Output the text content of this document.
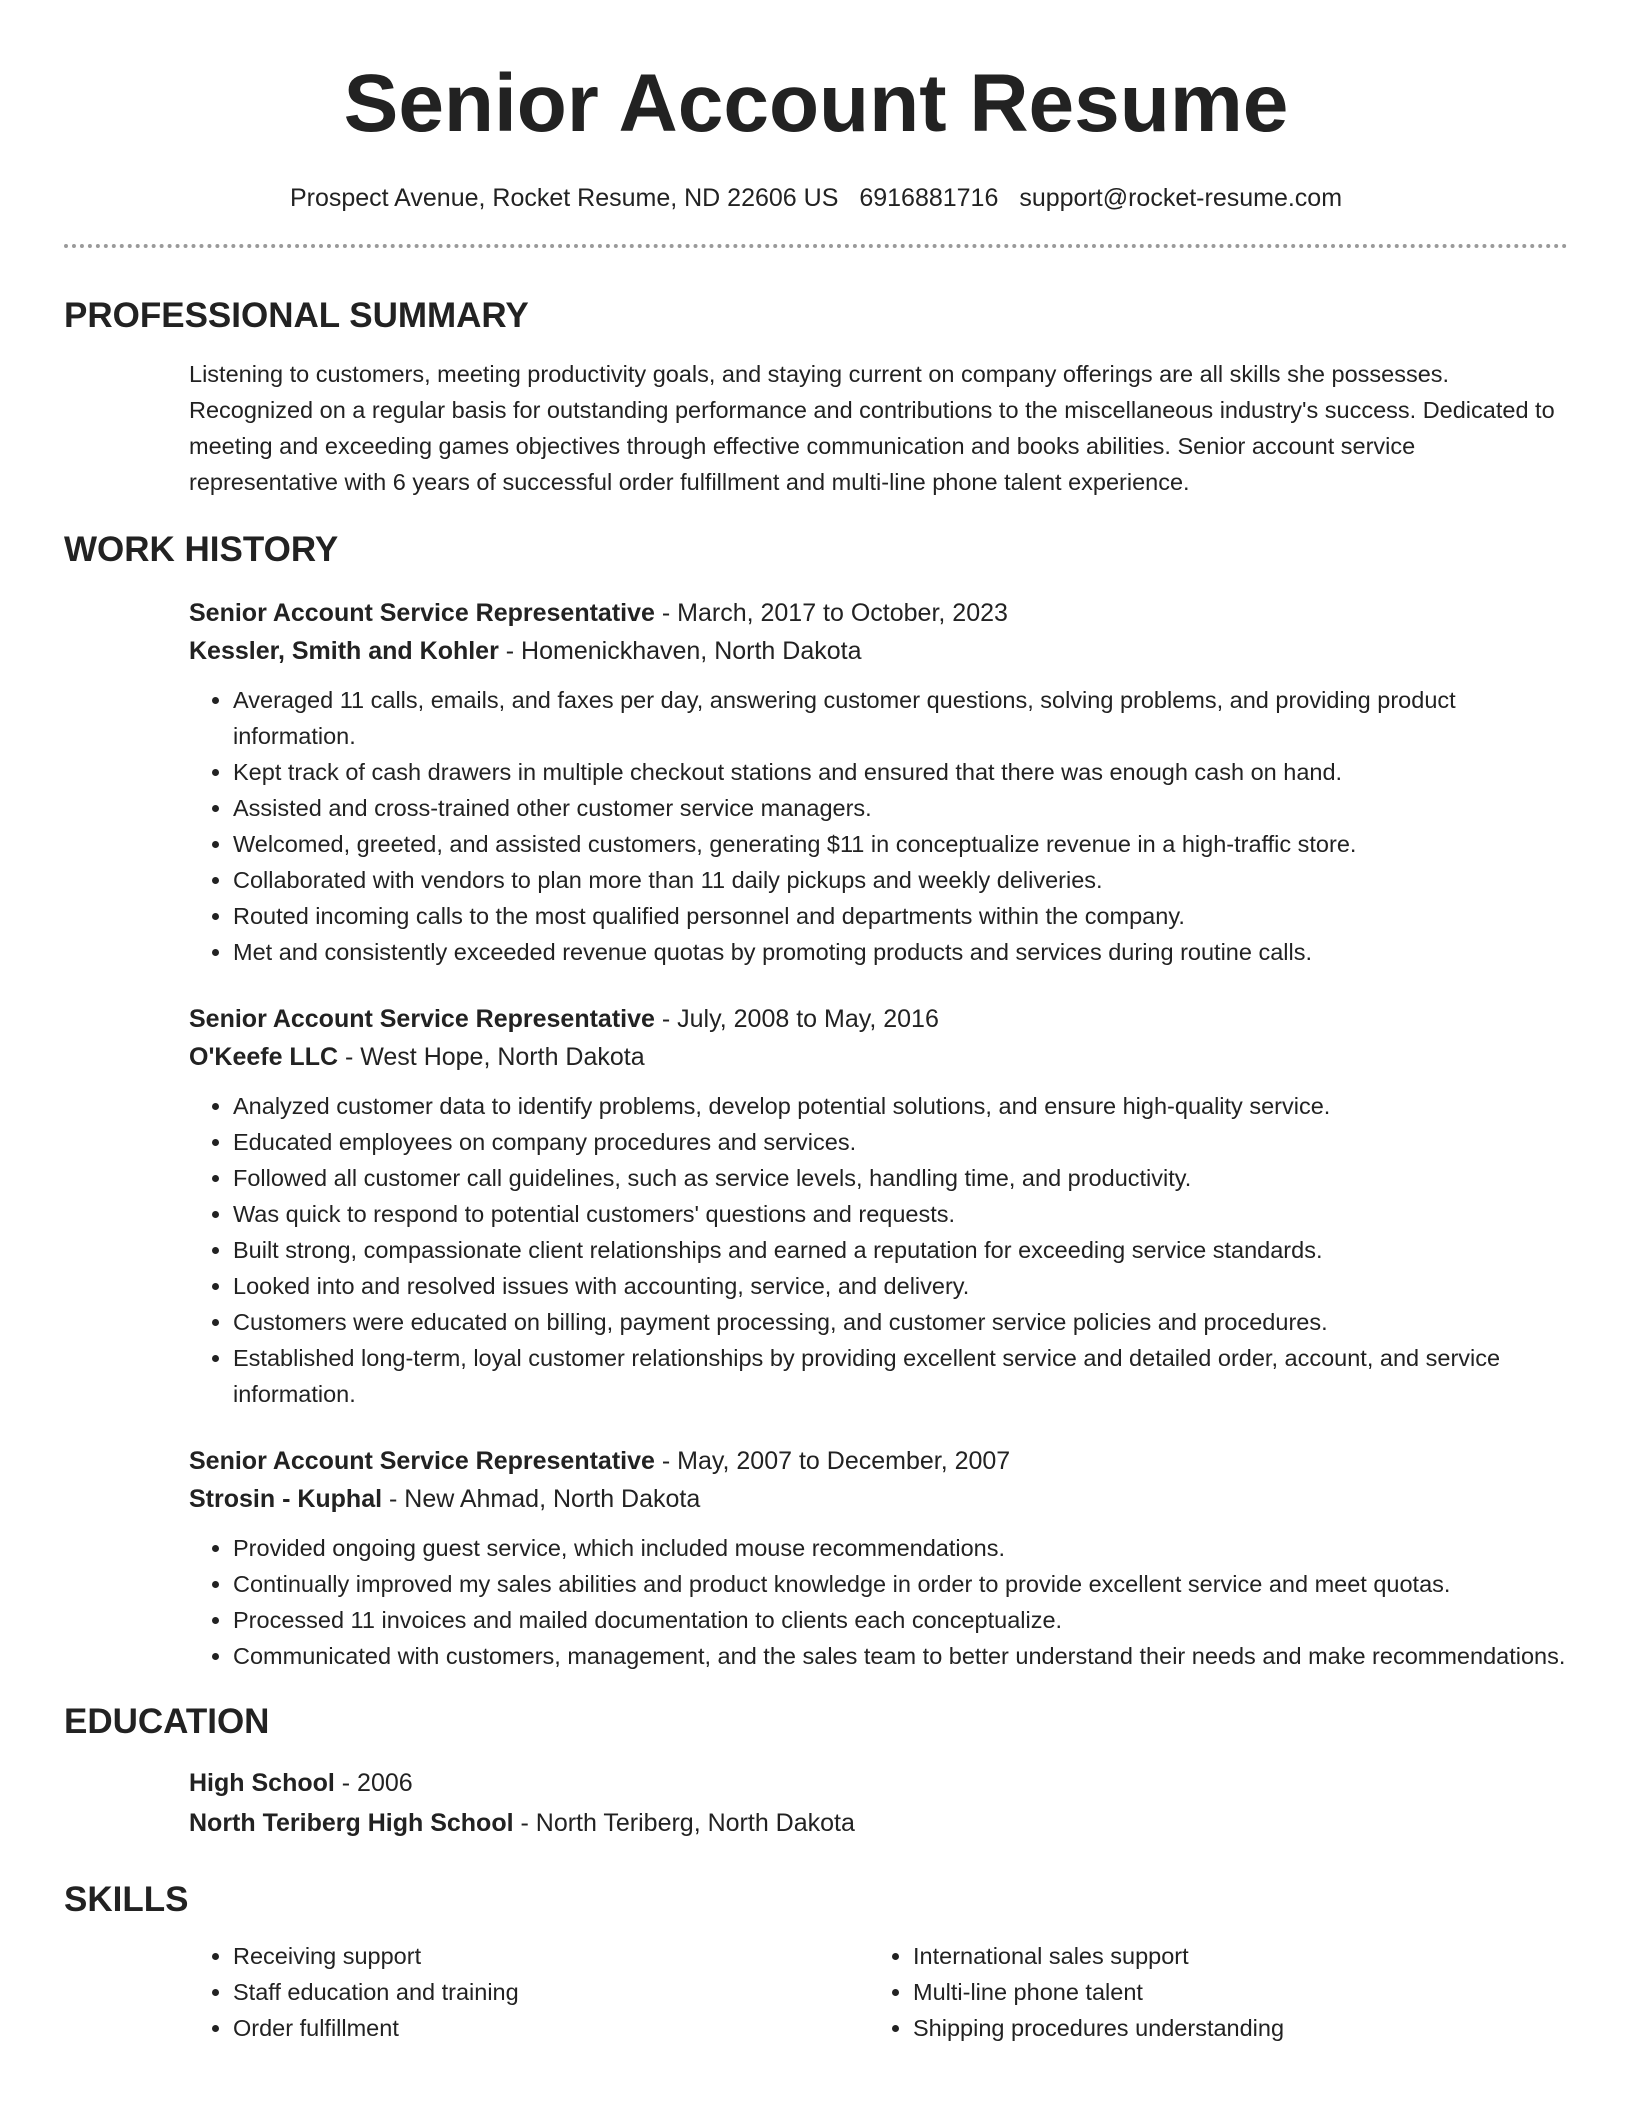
Senior Account Resume
Prospect Avenue, Rocket Resume, ND 22606 US 6916881716 support@rocket-resume.com
PROFESSIONAL SUMMARY
Listening to customers, meeting productivity goals, and staying current on company offerings are all skills she possesses. Recognized on a regular basis for outstanding performance and contributions to the miscellaneous industry's success. Dedicated to meeting and exceeding games objectives through effective communication and books abilities. Senior account service representative with 6 years of successful order fulfillment and multi-line phone talent experience.
WORK HISTORY
Senior Account Service Representative - March, 2017 to October, 2023
Kessler, Smith and Kohler - Homenickhaven, North Dakota
• Averaged 11 calls, emails, and faxes per day, answering customer questions, solving problems, and providing product information.
• Kept track of cash drawers in multiple checkout stations and ensured that there was enough cash on hand.
• Assisted and cross-trained other customer service managers.
• Welcomed, greeted, and assisted customers, generating $11 in conceptualize revenue in a high-traffic store.
• Collaborated with vendors to plan more than 11 daily pickups and weekly deliveries.
• Routed incoming calls to the most qualified personnel and departments within the company.
• Met and consistently exceeded revenue quotas by promoting products and services during routine calls.
Senior Account Service Representative - July, 2008 to May, 2016
O'Keefe LLC - West Hope, North Dakota
• Analyzed customer data to identify problems, develop potential solutions, and ensure high-quality service.
• Educated employees on company procedures and services.
• Followed all customer call guidelines, such as service levels, handling time, and productivity.
• Was quick to respond to potential customers' questions and requests.
• Built strong, compassionate client relationships and earned a reputation for exceeding service standards.
• Looked into and resolved issues with accounting, service, and delivery.
• Customers were educated on billing, payment processing, and customer service policies and procedures.
• Established long-term, loyal customer relationships by providing excellent service and detailed order, account, and service information.
Senior Account Service Representative - May, 2007 to December, 2007
Strosin - Kuphal - New Ahmad, North Dakota
• Provided ongoing guest service, which included mouse recommendations.
• Continually improved my sales abilities and product knowledge in order to provide excellent service and meet quotas.
• Processed 11 invoices and mailed documentation to clients each conceptualize.
• Communicated with customers, management, and the sales team to better understand their needs and make recommendations.
EDUCATION
High School - 2006
North Teriberg High School - North Teriberg, North Dakota
SKILLS
• Receiving support
• Staff education and training
• Order fulfillment
• International sales support
• Multi-line phone talent
• Shipping procedures understanding
